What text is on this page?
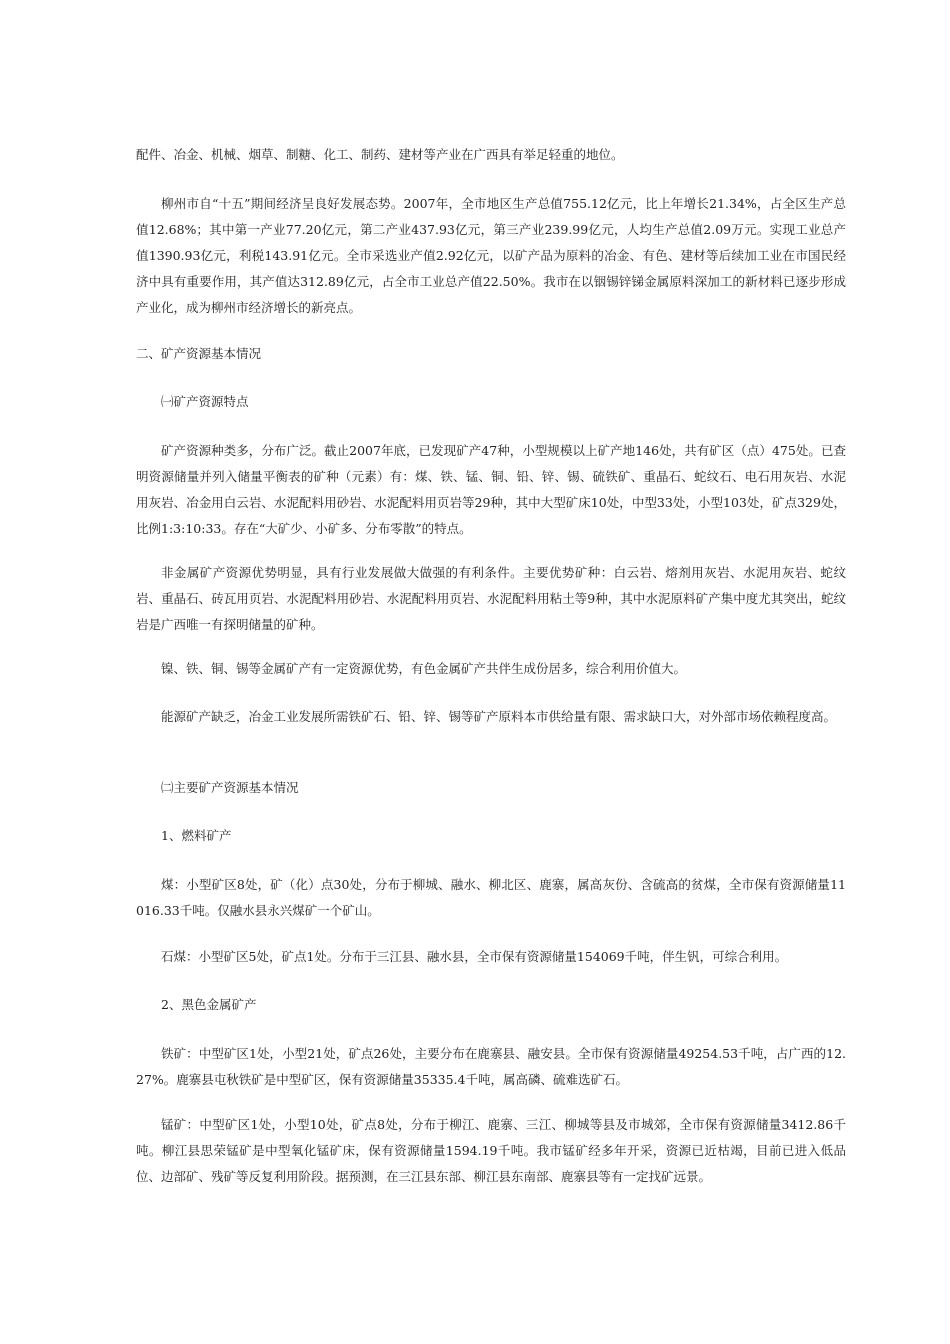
配件、冶金、机械、烟草、制糖、化工、制药、建材等产业在广西具有举足轻重的地位。

柳州市自“十五”期间经济呈良好发展态势。2007年，全市地区生产总值755.12亿元，比上年增长21.34%，占全区生产总值12.68%；其中第一产业77.20亿元，第二产业437.93亿元，第三产业239.99亿元，人均生产总值2.09万元。实现工业总产值1390.93亿元，利税143.91亿元。全市采选业产值2.92亿元，以矿产品为原料的冶金、有色、建材等后续加工业在市国民经济中具有重要作用，其产值达312.89亿元，占全市工业总产值22.50%。我市在以铟锡锌锑金属原料深加工的新材料已逐步形成产业化，成为柳州市经济增长的新亮点。

二、矿产资源基本情况

㈠矿产资源特点

矿产资源种类多，分布广泛。截止2007年底，已发现矿产47种，小型规模以上矿产地146处，共有矿区（点）475处。已查明资源储量并列入储量平衡表的矿种（元素）有：煤、铁、锰、铜、铅、锌、锡、硫铁矿、重晶石、蛇纹石、电石用灰岩、水泥用灰岩、冶金用白云岩、水泥配料用砂岩、水泥配料用页岩等29种，其中大型矿床10处，中型33处，小型103处，矿点329处，比例1:3:10:33。存在“大矿少、小矿多、分布零散”的特点。

非金属矿产资源优势明显，具有行业发展做大做强的有利条件。主要优势矿种：白云岩、熔剂用灰岩、水泥用灰岩、蛇纹岩、重晶石、砖瓦用页岩、水泥配料用砂岩、水泥配料用页岩、水泥配料用粘土等9种，其中水泥原料矿产集中度尤其突出，蛇纹岩是广西唯一有探明储量的矿种。

镍、铁、铜、锡等金属矿产有一定资源优势，有色金属矿产共伴生成份居多，综合利用价值大。

能源矿产缺乏，冶金工业发展所需铁矿石、铅、锌、锡等矿产原料本市供给量有限、需求缺口大，对外部市场依赖程度高。

㈡主要矿产资源基本情况

1、燃料矿产

煤：小型矿区8处，矿（化）点30处，分布于柳城、融水、柳北区、鹿寨，属高灰份、含硫高的贫煤，全市保有资源储量11016.33千吨。仅融水县永兴煤矿一个矿山。

石煤：小型矿区5处，矿点1处。分布于三江县、融水县，全市保有资源储量154069千吨，伴生钒，可综合利用。

2、黑色金属矿产

铁矿：中型矿区1处，小型21处，矿点26处，主要分布在鹿寨县、融安县。全市保有资源储量49254.53千吨，占广西的12.27%。鹿寨县屯秋铁矿是中型矿区，保有资源储量35335.4千吨，属高磷、硫难选矿石。

锰矿：中型矿区1处，小型10处，矿点8处，分布于柳江、鹿寨、三江、柳城等县及市城郊，全市保有资源储量3412.86千吨。柳江县思荣锰矿是中型氧化锰矿床，保有资源储量1594.19千吨。我市锰矿经多年开采，资源已近枯竭，目前已进入低品位、边部矿、残矿等反复利用阶段。据预测，在三江县东部、柳江县东南部、鹿寨县等有一定找矿远景。
